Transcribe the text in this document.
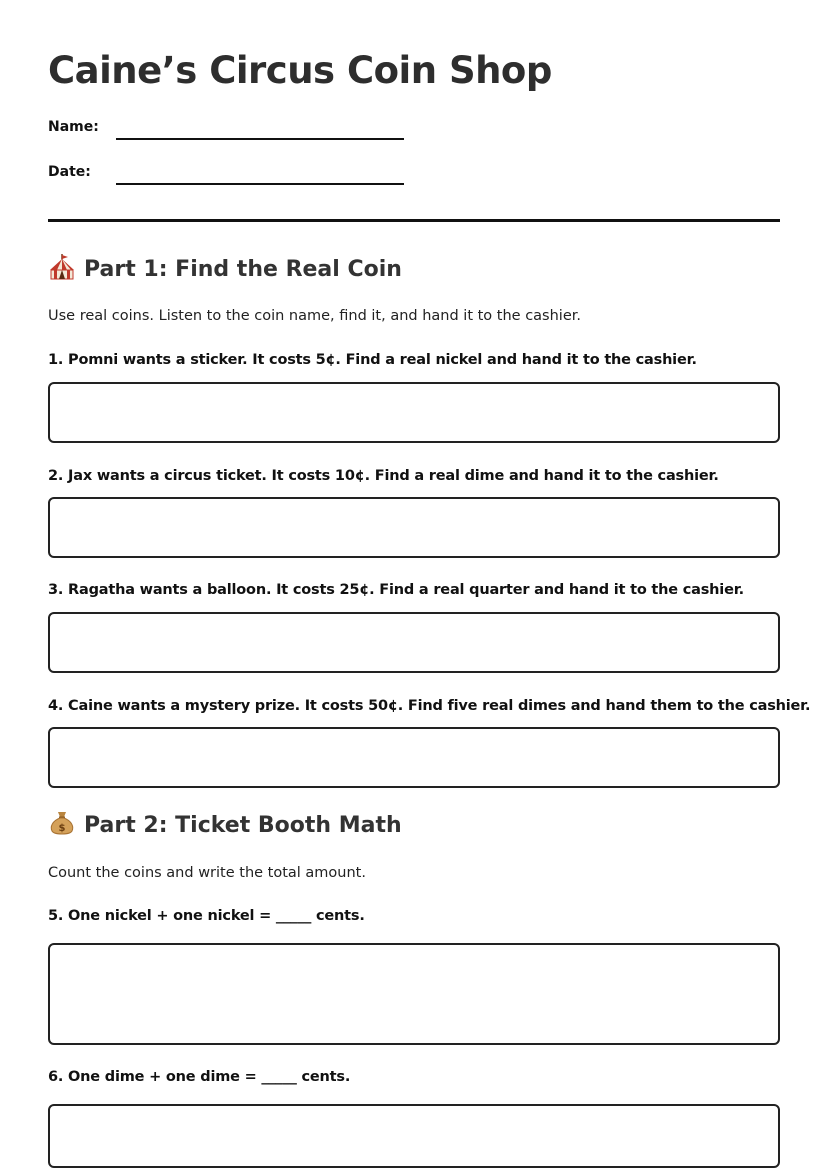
Caine’s Circus Coin Shop
Name:
Date:
Part 1: Find the Real Coin

Use real coins. Listen to the coin name, find it, and hand it to the cashier.

1. Pomni wants a sticker. It costs 5¢. Find a real nickel and hand it to the cashier.
2. Jax wants a circus ticket. It costs 10¢. Find a real dime and hand it to the cashier.
3. Ragatha wants a balloon. It costs 25¢. Find a real quarter and hand it to the cashier.
4. Caine wants a mystery prize. It costs 50¢. Find five real dimes and hand them to the cashier.
$ Part 2: Ticket Booth Math

Count the coins and write the total amount.

5. One nickel + one nickel = _____ cents.
6. One dime + one dime = _____ cents.
